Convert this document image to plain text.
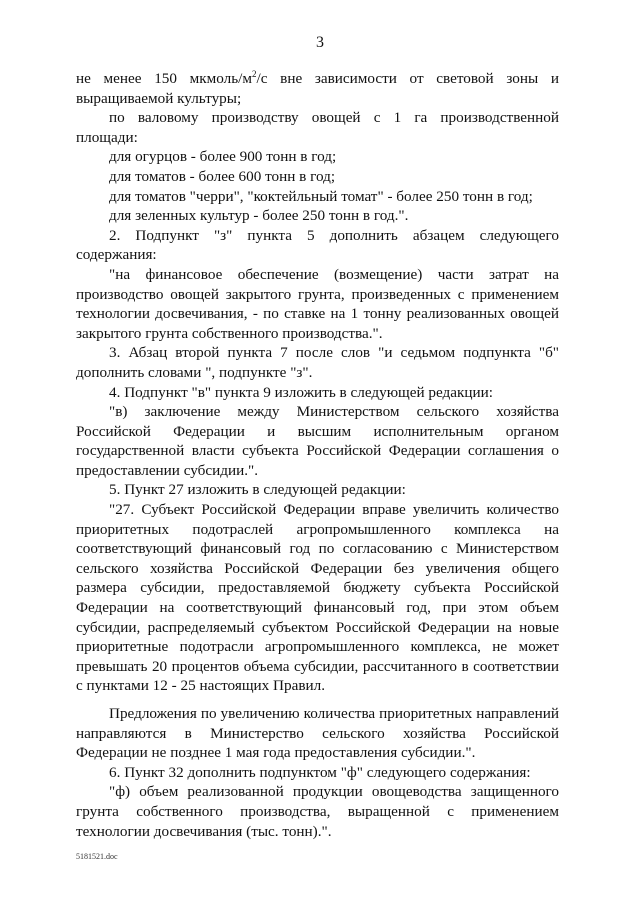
3

не менее 150 мкмоль/$м^2/с$ вне зависимости от световой зоны и выращиваемой культуры;

по валовому производству овощей с 1 га производственной площади:

для огурцов - более 900 тонн в год;

для томатов - более 600 тонн в год;

для томатов "черри", "коктейльный томат" - более 250 тонн в год;

для зеленных культур - более 250 тонн в год.".

2. Подпункт "з" пункта 5 дополнить абзацем следующего содержания:

"на финансовое обеспечение (возмещение) части затрат на производство овощей закрытого грунта, произведенных с применением технологии досвечивания, - по ставке на 1 тонну реализованных овощей закрытого грунта собственного производства.".

3. Абзац второй пункта 7 после слов "и седьмом подпункта "б" дополнить словами ", подпункте "з".

4. Подпункт "в" пункта 9 изложить в следующей редакции:

"в) заключение между Министерством сельского хозяйства Российской Федерации и высшим исполнительным органом государственной власти субъекта Российской Федерации соглашения о предоставлении субсидии.".

5. Пункт 27 изложить в следующей редакции:

"27. Субъект Российской Федерации вправе увеличить количество приоритетных подотраслей агропромышленного комплекса на соответствующий финансовый год по согласованию с Министерством сельского хозяйства Российской Федерации без увеличения общего размера субсидии, предоставляемой бюджету субъекта Российской Федерации на соответствующий финансовый год, при этом объем субсидии, распределяемый субъектом Российской Федерации на новые приоритетные подотрасли агропромышленного комплекса, не может превышать 20 процентов объема субсидии, рассчитанного в соответствии с пунктами 12 - 25 настоящих Правил.

Предложения по увеличению количества приоритетных направлений направляются в Министерство сельского хозяйства Российской Федерации не позднее 1 мая года предоставления субсидии.".

6. Пункт 32 дополнить подпунктом "ф" следующего содержания:

"ф) объем реализованной продукции овощеводства защищенного грунта собственного производства, выращенной с применением технологии досвечивания (тыс. тонн).".

5181521.doc
